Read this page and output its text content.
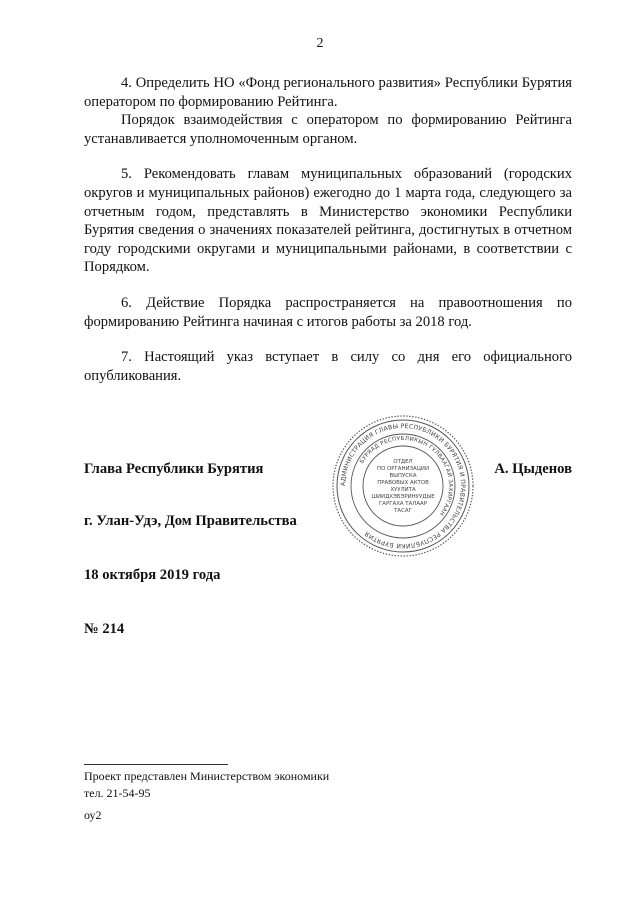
2

4. Определить НО «Фонд регионального развития» Республики Бурятия оператором по формированию Рейтинга.

Порядок взаимодействия с оператором по формированию Рейтинга устанавливается уполномоченным органом.

5. Рекомендовать главам муниципальных образований (городских округов и муниципальных районов) ежегодно до 1 марта года, следующего за отчетным годом, представлять в Министерство экономики Республики Бурятия сведения о значениях показателей рейтинга, достигнутых в отчетном году городскими округами и муниципальными районами, в соответствии с Порядком.

6. Действие Порядка распространяется на правоотношения по формированию Рейтинга начиная с итогов работы за 2018 год.

7. Настоящий указ вступает в силу со дня его официального опубликования.

Глава Республики Бурятия	А. Цыденов
АДМИНИСТРАЦИЯ ГЛАВЫ РЕСПУБЛИКИ БУРЯТИЯ И ПРАВИТЕЛЬСТВА РЕСПУБЛИКИ БУРЯТИЯ
БУРЯАД РЕСПУБЛИКЫН ГУЛВААГАЙ ЗАХИРГААН
ОТДЕЛ
ПО ОРГАНИЗАЦИИ
ВЫПУСКА
ПРАВОВЫХ АКТОВ
ХУУЛИТА
ШИИДХЭБЭРИНУУДЫЕ
ГАРГАХА ТАЛААР
ТАСАГ
г. Улан-Удэ, Дом Правительства
18 октября 2019 года
№ 214
Проект представлен Министерством экономики
тел. 21-54-95
оу2
